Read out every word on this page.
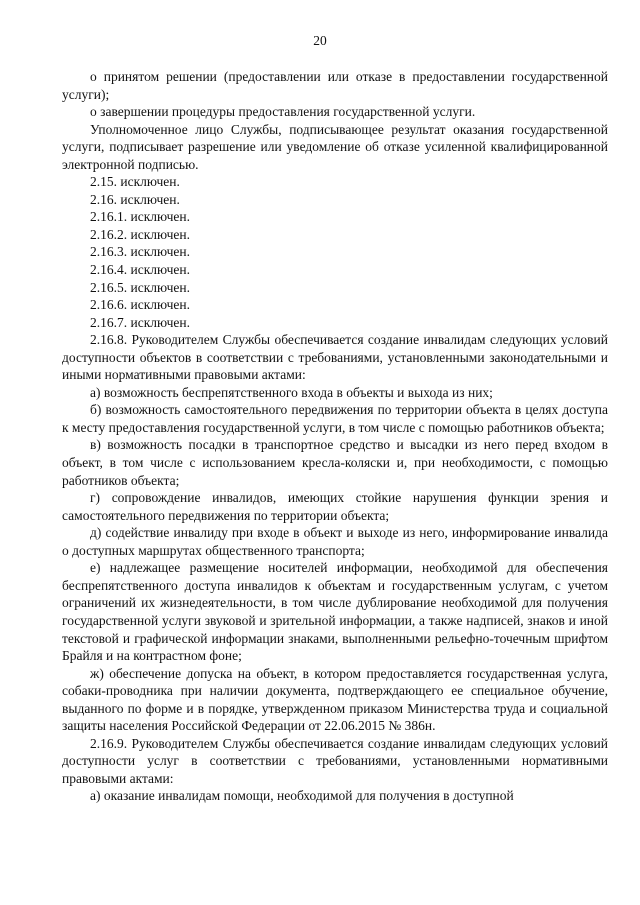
20

о принятом решении (предоставлении или отказе в предоставлении государственной услуги);

о завершении процедуры предоставления государственной услуги.

Уполномоченное лицо Службы, подписывающее результат оказания государственной услуги, подписывает разрешение или уведомление об отказе усиленной квалифицированной электронной подписью.

2.15. исключен.

2.16. исключен.

2.16.1. исключен.

2.16.2. исключен.

2.16.3. исключен.

2.16.4. исключен.

2.16.5. исключен.

2.16.6. исключен.

2.16.7. исключен.

2.16.8. Руководителем Службы обеспечивается создание инвалидам следующих условий доступности объектов в соответствии с требованиями, установленными законодательными и иными нормативными правовыми актами:

а) возможность беспрепятственного входа в объекты и выхода из них;

б) возможность самостоятельного передвижения по территории объекта в целях доступа к месту предоставления государственной услуги, в том числе с помощью работников объекта;

в) возможность посадки в транспортное средство и высадки из него перед входом в объект, в том числе с использованием кресла-коляски и, при необходимости, с помощью работников объекта;

г) сопровождение инвалидов, имеющих стойкие нарушения функции зрения и самостоятельного передвижения по территории объекта;

д) содействие инвалиду при входе в объект и выходе из него, информирование инвалида о доступных маршрутах общественного транспорта;

е) надлежащее размещение носителей информации, необходимой для обеспечения беспрепятственного доступа инвалидов к объектам и государственным услугам, с учетом ограничений их жизнедеятельности, в том числе дублирование необходимой для получения государственной услуги звуковой и зрительной информации, а также надписей, знаков и иной текстовой и графической информации знаками, выполненными рельефно-точечным шрифтом Брайля и на контрастном фоне;

ж) обеспечение допуска на объект, в котором предоставляется государственная услуга, собаки-проводника при наличии документа, подтверждающего ее специальное обучение, выданного по форме и в порядке, утвержденном приказом Министерства труда и социальной защиты населения Российской Федерации от 22.06.2015 № 386н.

2.16.9. Руководителем Службы обеспечивается создание инвалидам следующих условий доступности услуг в соответствии с требованиями, установленными нормативными правовыми актами:

а) оказание инвалидам помощи, необходимой для получения в доступной
